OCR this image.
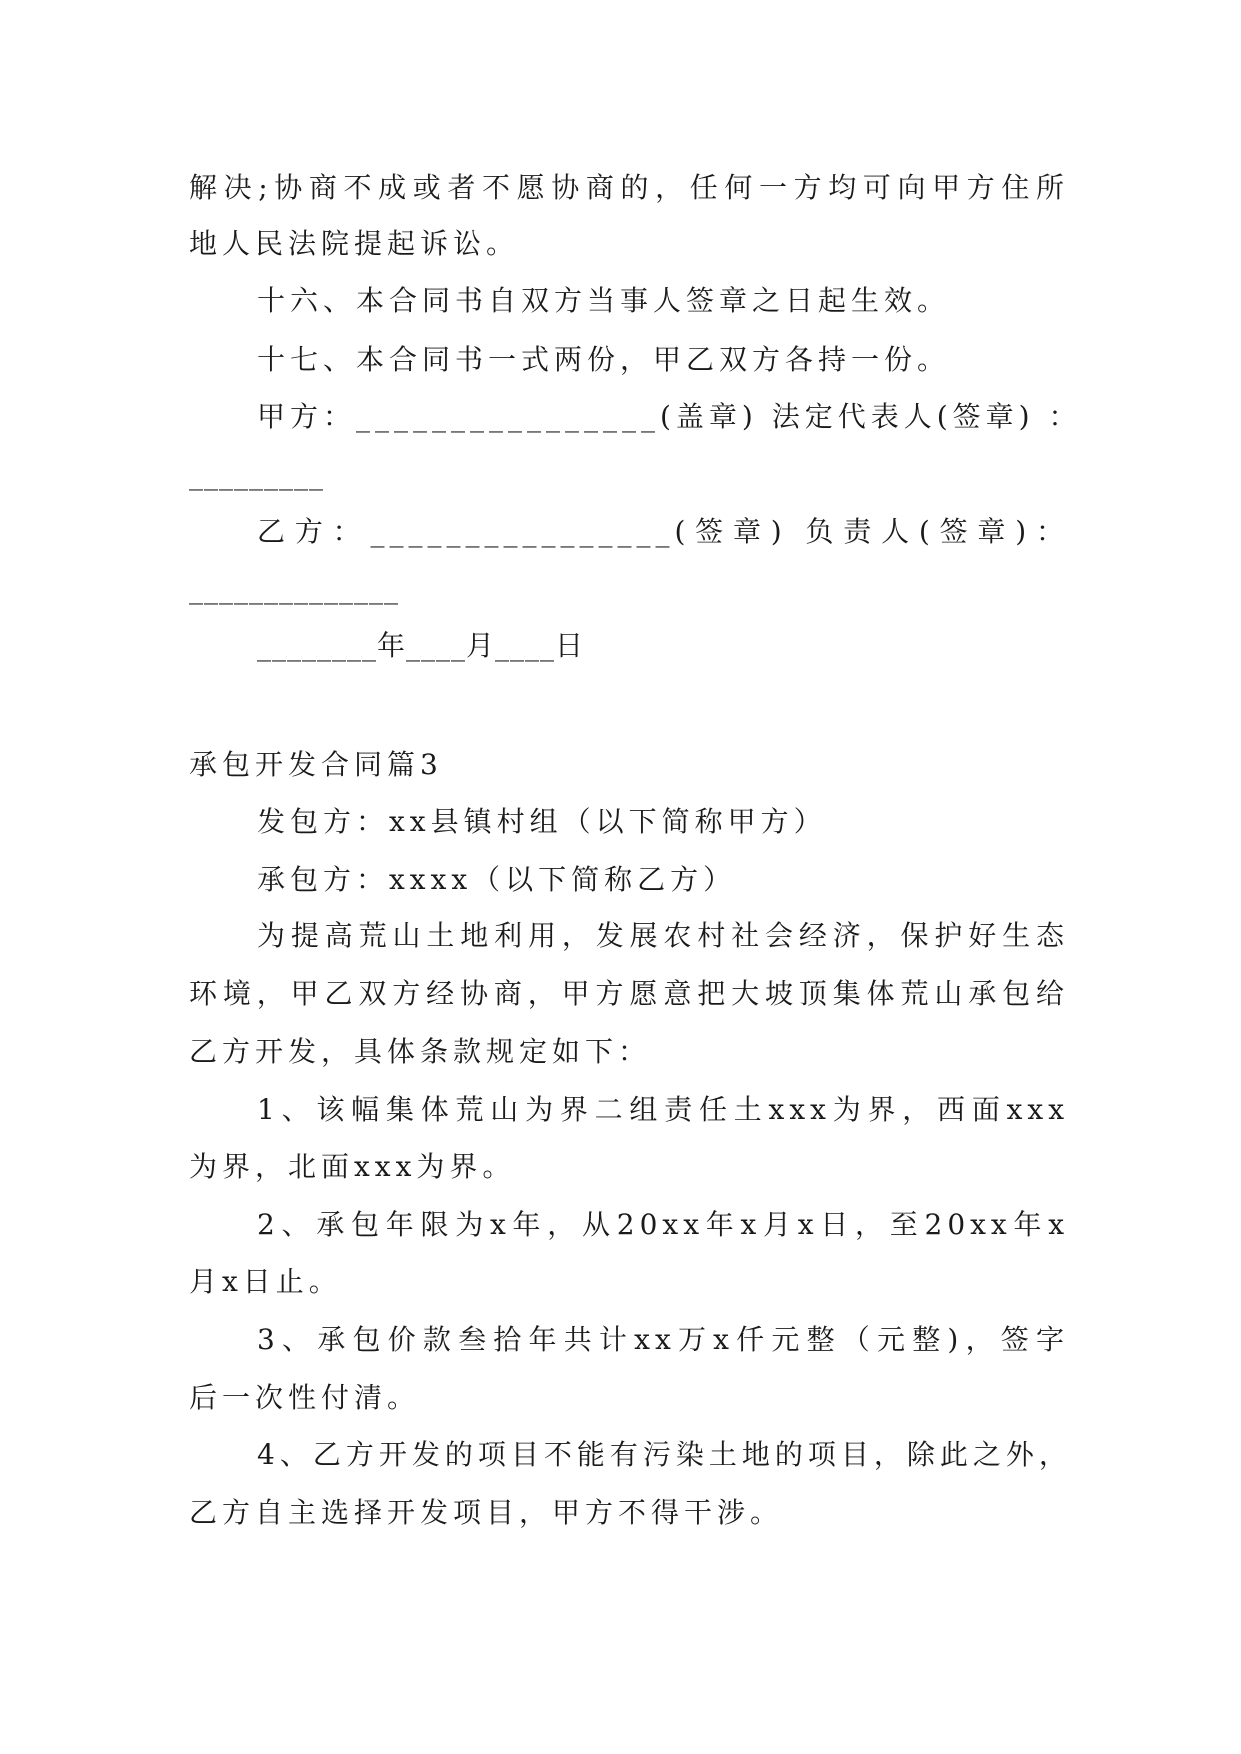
解决;协商不成或者不愿协商的，任何一方均可向甲方住所
地人民法院提起诉讼。
十六、本合同书自双方当事人签章之日起生效。
十七、本合同书一式两份，甲乙双方各持一份。
甲方：________________(盖章) 法定代表人(签章) ：
_________
乙方：________________(签章) 负责人(签章)：
______________
________年____月____日
承包开发合同篇3
发包方：xx县镇村组（以下简称甲方）
承包方：xxxx（以下简称乙方）
为提高荒山土地利用，发展农村社会经济，保护好生态
环境，甲乙双方经协商，甲方愿意把大坡顶集体荒山承包给
乙方开发，具体条款规定如下：
1、该幅集体荒山为界二组责任土xxx为界，西面xxx
为界，北面xxx为界。
2、承包年限为x年，从20xx年x月x日，至20xx年x
月x日止。
3、承包价款叁拾年共计xx万x仟元整（元整)，签字
后一次性付清。
4、乙方开发的项目不能有污染土地的项目，除此之外，
乙方自主选择开发项目，甲方不得干涉。
